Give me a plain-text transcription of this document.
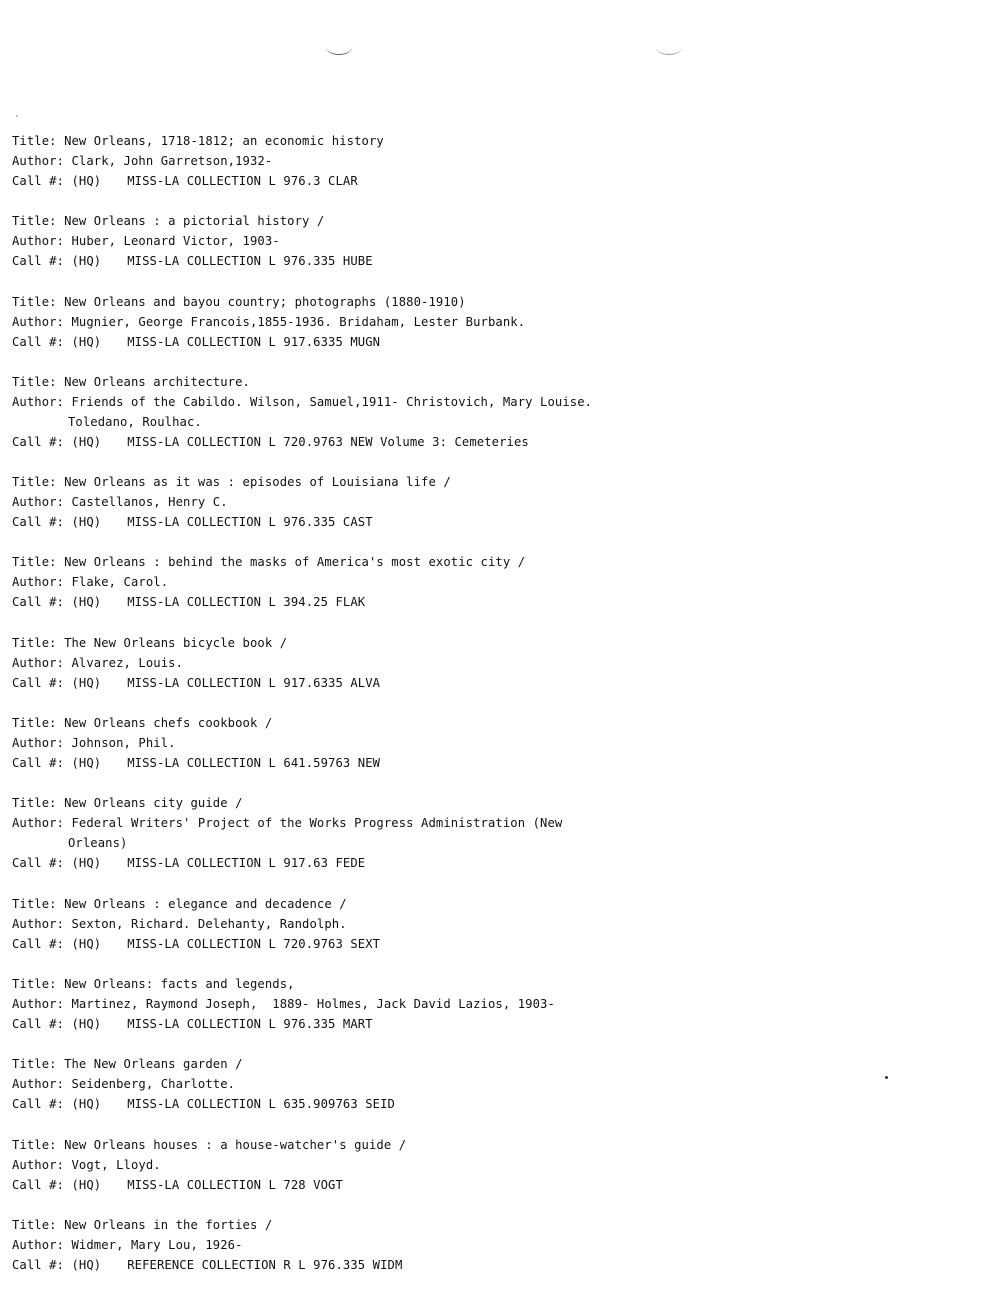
Title: New Orleans, 1718-1812; an economic history
Author: Clark, John Garretson,1932-
Call #: (HQ) MISS-LA COLLECTION L 976.3 CLAR
Title: New Orleans : a pictorial history /
Author: Huber, Leonard Victor, 1903-
Call #: (HQ) MISS-LA COLLECTION L 976.335 HUBE
Title: New Orleans and bayou country; photographs (1880-1910)
Author: Mugnier, George Francois,1855-1936. Bridaham, Lester Burbank.
Call #: (HQ) MISS-LA COLLECTION L 917.6335 MUGN
Title: New Orleans architecture.
Author: Friends of the Cabildo. Wilson, Samuel,1911- Christovich, Mary Louise.
Toledano, Roulhac.
Call #: (HQ) MISS-LA COLLECTION L 720.9763 NEW Volume 3: Cemeteries
Title: New Orleans as it was : episodes of Louisiana life /
Author: Castellanos, Henry C.
Call #: (HQ) MISS-LA COLLECTION L 976.335 CAST
Title: New Orleans : behind the masks of America's most exotic city /
Author: Flake, Carol.
Call #: (HQ) MISS-LA COLLECTION L 394.25 FLAK
Title: The New Orleans bicycle book /
Author: Alvarez, Louis.
Call #: (HQ) MISS-LA COLLECTION L 917.6335 ALVA
Title: New Orleans chefs cookbook /
Author: Johnson, Phil.
Call #: (HQ) MISS-LA COLLECTION L 641.59763 NEW
Title: New Orleans city guide /
Author: Federal Writers' Project of the Works Progress Administration (New
Orleans)
Call #: (HQ) MISS-LA COLLECTION L 917.63 FEDE
Title: New Orleans : elegance and decadence /
Author: Sexton, Richard. Delehanty, Randolph.
Call #: (HQ) MISS-LA COLLECTION L 720.9763 SEXT
Title: New Orleans: facts and legends,
Author: Martinez, Raymond Joseph,  1889- Holmes, Jack David Lazios, 1903-
Call #: (HQ) MISS-LA COLLECTION L 976.335 MART
Title: The New Orleans garden /
Author: Seidenberg, Charlotte.
Call #: (HQ) MISS-LA COLLECTION L 635.909763 SEID
Title: New Orleans houses : a house-watcher's guide /
Author: Vogt, Lloyd.
Call #: (HQ) MISS-LA COLLECTION L 728 VOGT
Title: New Orleans in the forties /
Author: Widmer, Mary Lou, 1926-
Call #: (HQ) REFERENCE COLLECTION R L 976.335 WIDM
